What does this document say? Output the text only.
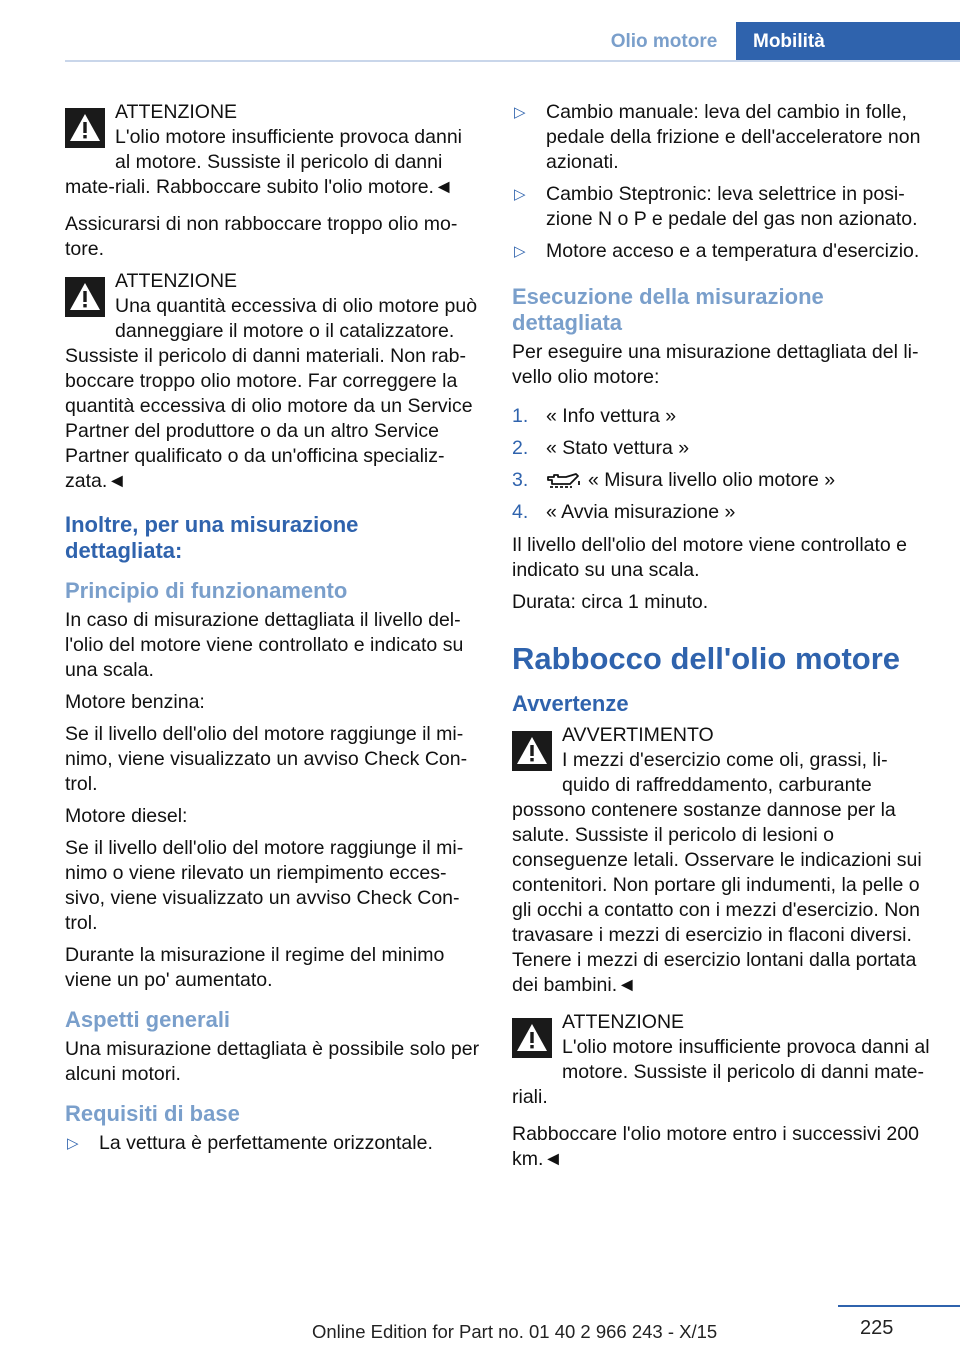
Olio motore	Mobilità
ATTENZIONE

L'olio motore insufficiente provoca danni al motore. Sussiste il pericolo di danni mate-riali. Rabboccare subito l'olio motore.◄

Assicurarsi di non rabboccare troppo olio mo-tore.

ATTENZIONE

Una quantità eccessiva di olio motore può danneggiare il motore o il catalizzatore. Sussiste il pericolo di danni materiali. Non rab-boccare troppo olio motore. Far correggere la quantità eccessiva di olio motore da un Service Partner del produttore o da un altro Service Partner qualificato o da un'officina specializ-zata.◄

Inoltre, per una misurazione dettagliata:
Principio di funzionamento

In caso di misurazione dettagliata il livello del-l'olio del motore viene controllato e indicato su una scala.

Motore benzina:

Se il livello dell'olio del motore raggiunge il mi-nimo, viene visualizzato un avviso Check Con-trol.

Motore diesel:

Se il livello dell'olio del motore raggiunge il mi-nimo o viene rilevato un riempimento ecces-sivo, viene visualizzato un avviso Check Con-trol.

Durante la misurazione il regime del minimo viene un po' aumentato.

Aspetti generali

Una misurazione dettagliata è possibile solo per alcuni motori.

Requisiti di base
▷ La vettura è perfettamente orizzontale.
▷ Cambio manuale: leva del cambio in folle, pedale della frizione e dell'acceleratore non azionati.
▷ Cambio Steptronic: leva selettrice in posi-zione N o P e pedale del gas non azionato.
▷ Motore acceso e a temperatura d'esercizio.
Esecuzione della misurazione dettagliata

Per eseguire una misurazione dettagliata del li-vello olio motore:

1. « Info vettura »
2. « Stato vettura »
3.	« Misura livello olio motore »
4. « Avvia misurazione »

Il livello dell'olio del motore viene controllato e indicato su una scala.

Durata: circa 1 minuto.

Rabbocco dell'olio motore
Avvertenze
AVVERTIMENTO

I mezzi d'esercizio come oli, grassi, li-quido di raffreddamento, carburante possono contenere sostanze dannose per la salute. Sussiste il pericolo di lesioni o conseguenze letali. Osservare le indicazioni sui contenitori. Non portare gli indumenti, la pelle o gli occhi a contatto con i mezzi d'esercizio. Non travasare i mezzi di esercizio in flaconi diversi. Tenere i mezzi di esercizio lontani dalla portata dei bambini.◄

ATTENZIONE

L'olio motore insufficiente provoca danni al motore. Sussiste il pericolo di danni mate-riali.

Rabboccare l'olio motore entro i successivi 200 km.◄

225
Online Edition for Part no. 01 40 2 966 243 - X/15
